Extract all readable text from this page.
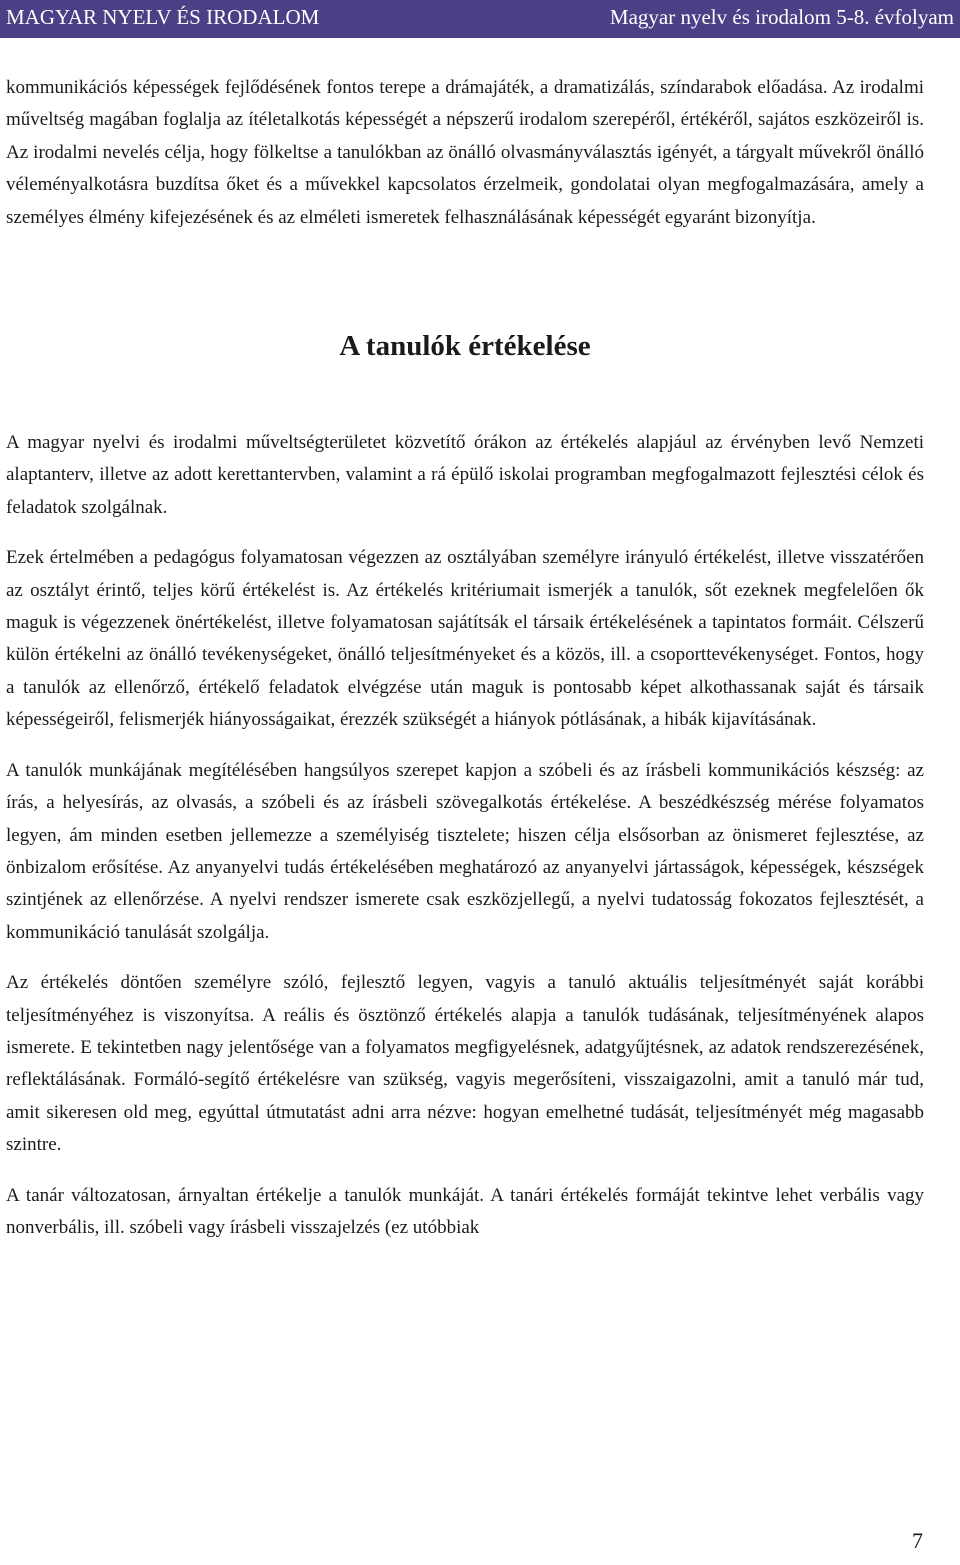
MAGYAR NYELV ÉS IRODALOM	Magyar nyelv és irodalom 5-8. évfolyam

kommunikációs képességek fejlődésének fontos terepe a drámajáték, a dramatizálás, színdarabok előadása. Az irodalmi műveltség magában foglalja az ítéletalkotás képességét a népszerű irodalom szerepéről, értékéről, sajátos eszközeiről is. Az irodalmi nevelés célja, hogy fölkeltse a tanulókban az önálló olvasmányválasztás igényét, a tárgyalt művekről önálló véleményalkotásra buzdítsa őket és a művekkel kapcsolatos érzelmeik, gondolatai olyan megfogalmazására, amely a személyes élmény kifejezésének és az elméleti ismeretek felhasználásának képességét egyaránt bizonyítja.

A tanulók értékelése

A magyar nyelvi és irodalmi műveltségterületet közvetítő órákon az értékelés alapjául az érvényben levő Nemzeti alaptanterv, illetve az adott kerettantervben, valamint a rá épülő iskolai programban megfogalmazott fejlesztési célok és feladatok szolgálnak.

Ezek értelmében a pedagógus folyamatosan végezzen az osztályában személyre irányuló értékelést, illetve visszatérően az osztályt érintő, teljes körű értékelést is. Az értékelés kritériumait ismerjék a tanulók, sőt ezeknek megfelelően ők maguk is végezzenek önértékelést, illetve folyamatosan sajátítsák el társaik értékelésének a tapintatos formáit. Célszerű külön értékelni az önálló tevékenységeket, önálló teljesítményeket és a közös, ill. a csoporttevékenységet. Fontos, hogy a tanulók az ellenőrző, értékelő feladatok elvégzése után maguk is pontosabb képet alkothassanak saját és társaik képességeiről, felismerjék hiányosságaikat, érezzék szükségét a hiányok pótlásának, a hibák kijavításának.

A tanulók munkájának megítélésében hangsúlyos szerepet kapjon a szóbeli és az írásbeli kommunikációs készség: az írás, a helyesírás, az olvasás, a szóbeli és az írásbeli szövegalkotás értékelése. A beszédkészség mérése folyamatos legyen, ám minden esetben jellemezze a személyiség tisztelete; hiszen célja elsősorban az önismeret fejlesztése, az önbizalom erősítése. Az anyanyelvi tudás értékelésében meghatározó az anyanyelvi jártasságok, képességek, készségek szintjének az ellenőrzése. A nyelvi rendszer ismerete csak eszközjellegű, a nyelvi tudatosság fokozatos fejlesztését, a kommunikáció tanulását szolgálja.

Az értékelés döntően személyre szóló, fejlesztő legyen, vagyis a tanuló aktuális teljesítményét saját korábbi teljesítményéhez is viszonyítsa. A reális és ösztönző értékelés alapja a tanulók tudásának, teljesítményének alapos ismerete. E tekintetben nagy jelentősége van a folyamatos megfigyelésnek, adatgyűjtésnek, az adatok rendszerezésének, reflektálásának. Formáló-segítő értékelésre van szükség, vagyis megerősíteni, visszaigazolni, amit a tanuló már tud, amit sikeresen old meg, egyúttal útmutatást adni arra nézve: hogyan emelhetné tudását, teljesítményét még magasabb szintre.

A tanár változatosan, árnyaltan értékelje a tanulók munkáját. A tanári értékelés formáját tekintve lehet verbális vagy nonverbális, ill. szóbeli vagy írásbeli visszajelzés (ez utóbbiak

7
